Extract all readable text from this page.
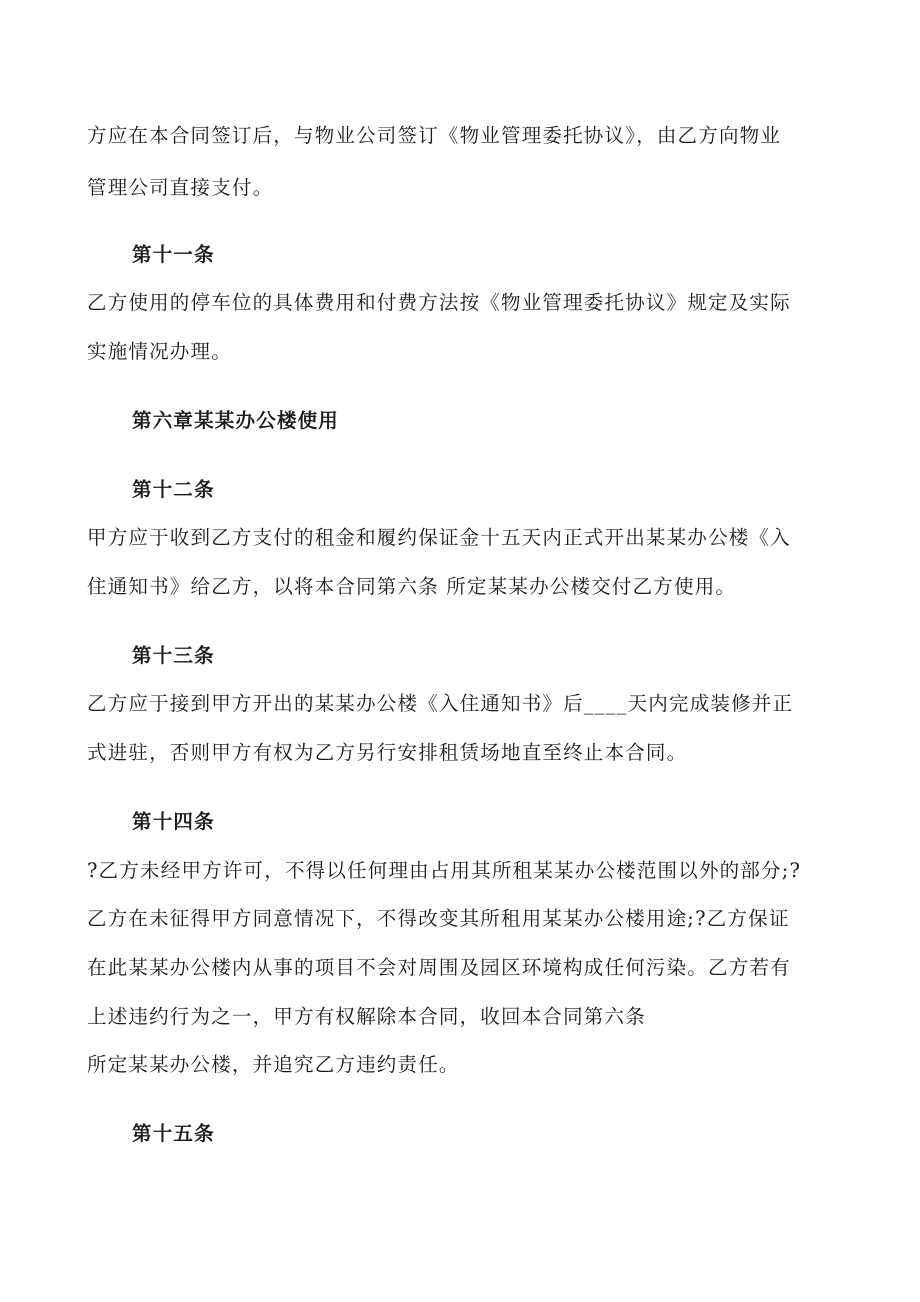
方应在本合同签订后，与物业公司签订《物业管理委托协议》，由乙方向物业
管理公司直接支付。
第十一条
乙方使用的停车位的具体费用和付费方法按《物业管理委托协议》规定及实际
实施情况办理。
第六章某某办公楼使用
第十二条
甲方应于收到乙方支付的租金和履约保证金十五天内正式开出某某办公楼《入
住通知书》给乙方，以将本合同第六条 所定某某办公楼交付乙方使用。
第十三条
乙方应于接到甲方开出的某某办公楼《入住通知书》后____天内完成装修并正
式进驻，否则甲方有权为乙方另行安排租赁场地直至终止本合同。
第十四条
?乙方未经甲方许可，不得以任何理由占用其所租某某办公楼范围以外的部分;?
乙方在未征得甲方同意情况下，不得改变其所租用某某办公楼用途;?乙方保证
在此某某办公楼内从事的项目不会对周围及园区环境构成任何污染。乙方若有
上述违约行为之一，甲方有权解除本合同，收回本合同第六条
所定某某办公楼，并追究乙方违约责任。
第十五条
